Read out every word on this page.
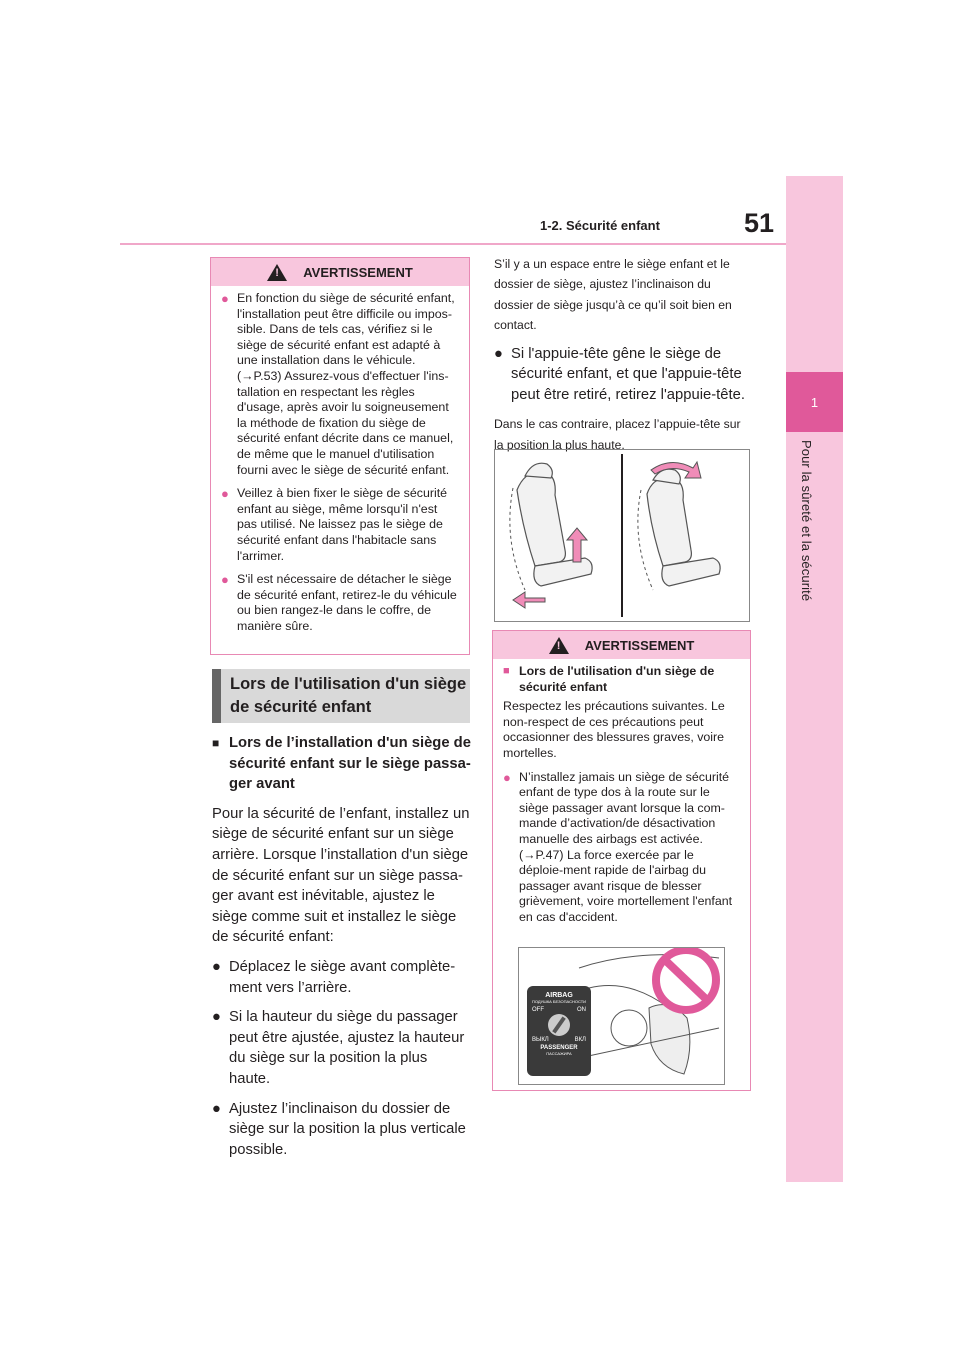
1-2. Sécurité enfant	51
1
Pour la sûreté et la sécurité
! AVERTISSEMENT
● En fonction du siège de sécurité enfant, l'installation peut être difficile ou impos-sible. Dans de tels cas, vérifiez si le siège de sécurité enfant est adapté à une installation dans le véhicule. (→P.53) Assurez-vous d'effectuer l'ins-tallation en respectant les règles d'usage, après avoir lu soigneusement la méthode de fixation du siège de sécurité enfant décrite dans ce manuel, de même que le manuel d'utilisation fourni avec le siège de sécurité enfant.
● Veillez à bien fixer le siège de sécurité enfant au siège, même lorsqu'il n'est pas utilisé. Ne laissez pas le siège de sécurité enfant dans l'habitacle sans l'arrimer.
● S'il est nécessaire de détacher le siège de sécurité enfant, retirez-le du véhicule ou bien rangez-le dans le coffre, de manière sûre.
Lors de l'utilisation d'un siège de sécurité enfant
■ Lors de l’installation d'un siège de sécurité enfant sur le siège passa-ger avant
Pour la sécurité de l’enfant, installez un siège de sécurité enfant sur un siège arrière. Lorsque l’installation d'un siège de sécurité enfant sur un siège passa-ger avant est inévitable, ajustez le siège comme suit et installez le siège de sécurité enfant:
● Déplacez le siège avant complète-ment vers l’arrière.
● Si la hauteur du siège du passager peut être ajustée, ajustez la hauteur du siège sur la position la plus haute.
● Ajustez l’inclinaison du dossier de siège sur la position la plus verticale possible.
S’il y a un espace entre le siège enfant et le dossier de siège, ajustez l’inclinaison du dossier de siège jusqu’à ce qu’il soit bien en contact.
● Si l'appuie-tête gêne le siège de sécurité enfant, et que l'appuie-tête peut être retiré, retirez l'appuie-tête.
Dans le cas contraire, placez l’appuie-tête sur la position la plus haute.
! AVERTISSEMENT
■ Lors de l'utilisation d'un siège de sécurité enfant
Respectez les précautions suivantes. Le non-respect de ces précautions peut occasionner des blessures graves, voire mortelles.
● N’installez jamais un siège de sécurité enfant de type dos à la route sur le siège passager avant lorsque la com-mande d’activation/de désactivation manuelle des airbags est activée. (→P.47) La force exercée par le déploie-ment rapide de l'airbag du passager avant risque de blesser grièvement, voire mortellement l'enfant en cas d'accident.
AIRBAG
ПОДУШКА БЕЗОПАСНОСТИ
OFF	ON
ВЫКЛ	ВКЛ
PASSENGER
ПАССАЖИРА
